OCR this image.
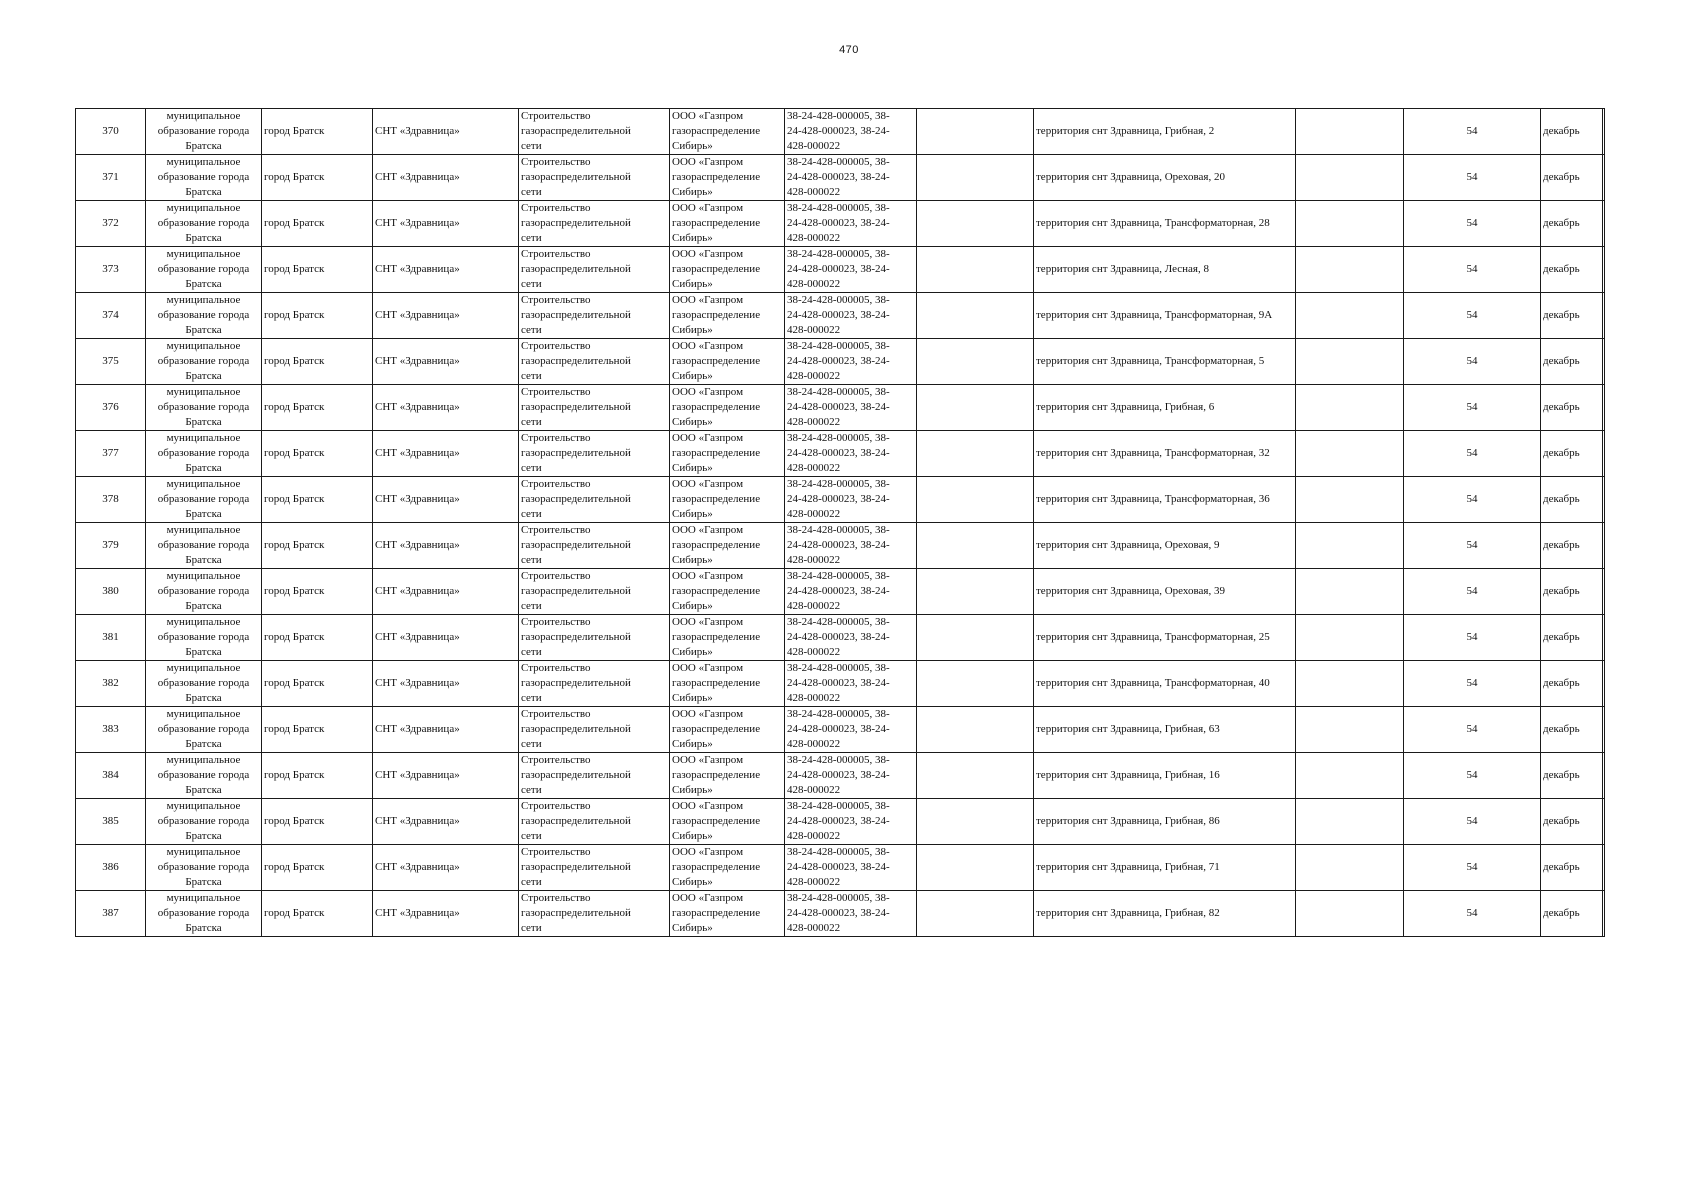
470
370	муниципальное
образование города
Братска	город Братск	СНТ «Здравница»	Строительство
газораспределительной
сети	ООО «Газпром
газораспределение
Сибирь»	38-24-428-000005, 38-
24-428-000023, 38-24-
428-000022		территория снт Здравница, Грибная, 2		54	декабрь

371	муниципальное
образование города
Братска	город Братск	СНТ «Здравница»	Строительство
газораспределительной
сети	ООО «Газпром
газораспределение
Сибирь»	38-24-428-000005, 38-
24-428-000023, 38-24-
428-000022		территория снт Здравница, Ореховая, 20		54	декабрь

372	муниципальное
образование города
Братска	город Братск	СНТ «Здравница»	Строительство
газораспределительной
сети	ООО «Газпром
газораспределение
Сибирь»	38-24-428-000005, 38-
24-428-000023, 38-24-
428-000022		территория снт Здравница, Трансформаторная, 28		54	декабрь

373	муниципальное
образование города
Братска	город Братск	СНТ «Здравница»	Строительство
газораспределительной
сети	ООО «Газпром
газораспределение
Сибирь»	38-24-428-000005, 38-
24-428-000023, 38-24-
428-000022		территория снт Здравница, Лесная, 8		54	декабрь

374	муниципальное
образование города
Братска	город Братск	СНТ «Здравница»	Строительство
газораспределительной
сети	ООО «Газпром
газораспределение
Сибирь»	38-24-428-000005, 38-
24-428-000023, 38-24-
428-000022		территория снт Здравница, Трансформаторная, 9А		54	декабрь

375	муниципальное
образование города
Братска	город Братск	СНТ «Здравница»	Строительство
газораспределительной
сети	ООО «Газпром
газораспределение
Сибирь»	38-24-428-000005, 38-
24-428-000023, 38-24-
428-000022		территория снт Здравница, Трансформаторная, 5		54	декабрь

376	муниципальное
образование города
Братска	город Братск	СНТ «Здравница»	Строительство
газораспределительной
сети	ООО «Газпром
газораспределение
Сибирь»	38-24-428-000005, 38-
24-428-000023, 38-24-
428-000022		территория снт Здравница, Грибная, 6		54	декабрь

377	муниципальное
образование города
Братска	город Братск	СНТ «Здравница»	Строительство
газораспределительной
сети	ООО «Газпром
газораспределение
Сибирь»	38-24-428-000005, 38-
24-428-000023, 38-24-
428-000022		территория снт Здравница, Трансформаторная, 32		54	декабрь

378	муниципальное
образование города
Братска	город Братск	СНТ «Здравница»	Строительство
газораспределительной
сети	ООО «Газпром
газораспределение
Сибирь»	38-24-428-000005, 38-
24-428-000023, 38-24-
428-000022		территория снт Здравница, Трансформаторная, 36		54	декабрь

379	муниципальное
образование города
Братска	город Братск	СНТ «Здравница»	Строительство
газораспределительной
сети	ООО «Газпром
газораспределение
Сибирь»	38-24-428-000005, 38-
24-428-000023, 38-24-
428-000022		территория снт Здравница, Ореховая, 9		54	декабрь

380	муниципальное
образование города
Братска	город Братск	СНТ «Здравница»	Строительство
газораспределительной
сети	ООО «Газпром
газораспределение
Сибирь»	38-24-428-000005, 38-
24-428-000023, 38-24-
428-000022		территория снт Здравница, Ореховая, 39		54	декабрь

381	муниципальное
образование города
Братска	город Братск	СНТ «Здравница»	Строительство
газораспределительной
сети	ООО «Газпром
газораспределение
Сибирь»	38-24-428-000005, 38-
24-428-000023, 38-24-
428-000022		территория снт Здравница, Трансформаторная, 25		54	декабрь

382	муниципальное
образование города
Братска	город Братск	СНТ «Здравница»	Строительство
газораспределительной
сети	ООО «Газпром
газораспределение
Сибирь»	38-24-428-000005, 38-
24-428-000023, 38-24-
428-000022		территория снт Здравница, Трансформаторная, 40		54	декабрь

383	муниципальное
образование города
Братска	город Братск	СНТ «Здравница»	Строительство
газораспределительной
сети	ООО «Газпром
газораспределение
Сибирь»	38-24-428-000005, 38-
24-428-000023, 38-24-
428-000022		территория снт Здравница, Грибная, 63		54	декабрь

384	муниципальное
образование города
Братска	город Братск	СНТ «Здравница»	Строительство
газораспределительной
сети	ООО «Газпром
газораспределение
Сибирь»	38-24-428-000005, 38-
24-428-000023, 38-24-
428-000022		территория снт Здравница, Грибная, 16		54	декабрь

385	муниципальное
образование города
Братска	город Братск	СНТ «Здравница»	Строительство
газораспределительной
сети	ООО «Газпром
газораспределение
Сибирь»	38-24-428-000005, 38-
24-428-000023, 38-24-
428-000022		территория снт Здравница, Грибная, 86		54	декабрь

386	муниципальное
образование города
Братска	город Братск	СНТ «Здравница»	Строительство
газораспределительной
сети	ООО «Газпром
газораспределение
Сибирь»	38-24-428-000005, 38-
24-428-000023, 38-24-
428-000022		территория снт Здравница, Грибная, 71		54	декабрь

387	муниципальное
образование города
Братска	город Братск	СНТ «Здравница»	Строительство
газораспределительной
сети	ООО «Газпром
газораспределение
Сибирь»	38-24-428-000005, 38-
24-428-000023, 38-24-
428-000022		территория снт Здравница, Грибная, 82		54	декабрь
